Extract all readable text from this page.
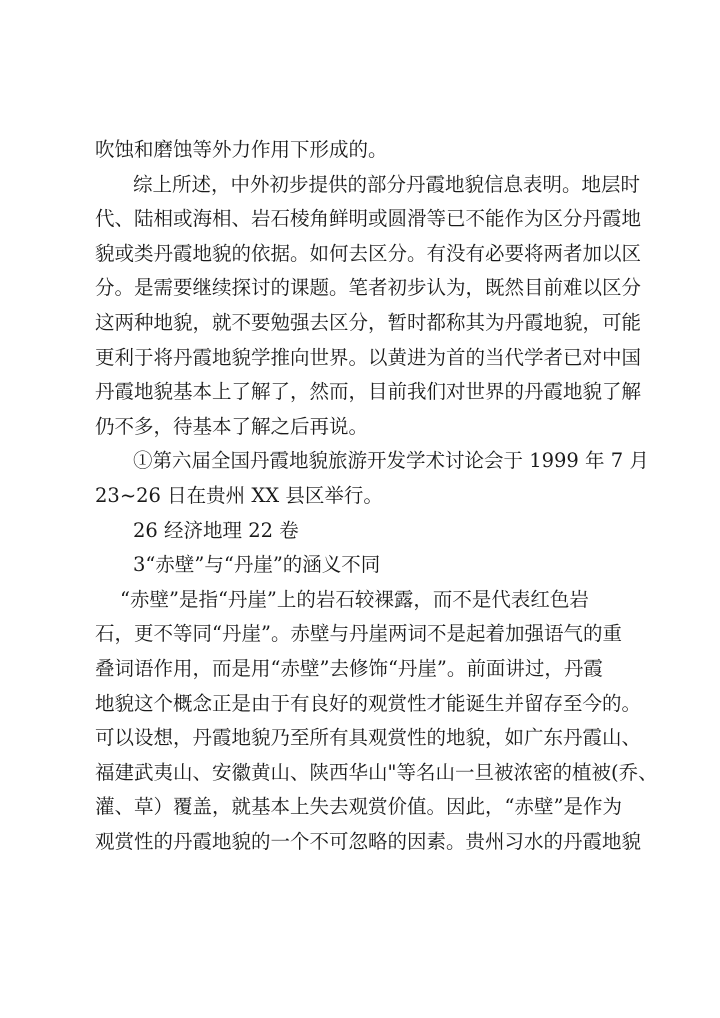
吹蚀和磨蚀等外力作用下形成的。
综上所述，中外初步提供的部分丹霞地貌信息表明。地层时
代、陆相或海相、岩石棱角鲜明或圆滑等已不能作为区分丹霞地
貌或类丹霞地貌的依据。如何去区分。有没有必要将两者加以区
分。是需要继续探讨的课题。笔者初步认为，既然目前难以区分
这两种地貌，就不要勉强去区分，暂时都称其为丹霞地貌，可能
更利于将丹霞地貌学推向世界。以黄进为首的当代学者已对中国
丹霞地貌基本上了解了，然而，目前我们对世界的丹霞地貌了解
仍不多，待基本了解之后再说。
①第六届全国丹霞地貌旅游开发学术讨论会于 1999 年 7 月
23~26 日在贵州 XX 县区举行。
26 经济地理 22 卷
3“赤壁”与“丹崖”的涵义不同
“赤壁”是指“丹崖”上的岩石较裸露，而不是代表红色岩
石，更不等同“丹崖”。赤壁与丹崖两词不是起着加强语气的重
叠词语作用，而是用“赤壁”去修饰“丹崖”。前面讲过，丹霞
地貌这个概念正是由于有良好的观赏性才能诞生并留存至今的。
可以设想，丹霞地貌乃至所有具观赏性的地貌，如广东丹霞山、
福建武夷山、安徽黄山、陕西华山"等名山一旦被浓密的植被(乔、
灌、草）覆盖，就基本上失去观赏价值。因此，“赤壁”是作为
观赏性的丹霞地貌的一个不可忽略的因素。贵州习水的丹霞地貌
